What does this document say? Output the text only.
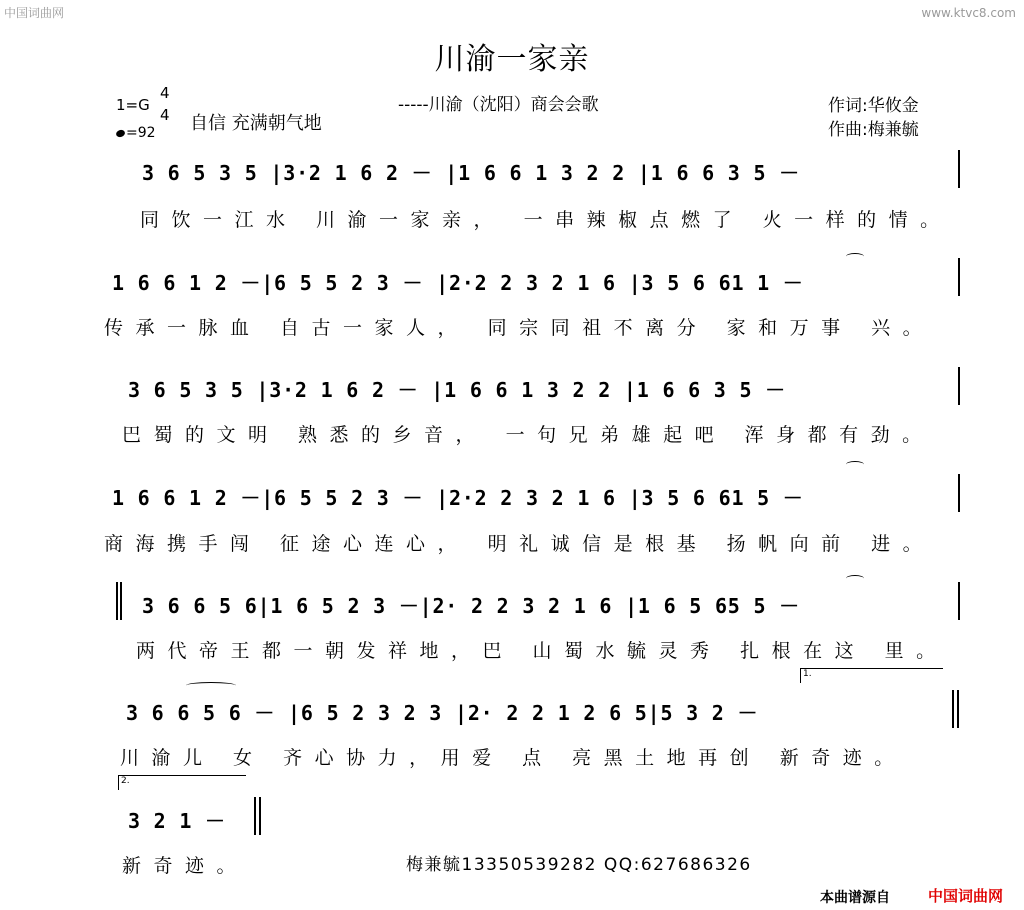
中国词曲网	www.ktvc8.com
川渝一家亲
-----川渝（沈阳）商会会歌	作词:华攸金
作曲:梅兼毓
1=G
4
4 自信 充满朝气地
=92
3 6 5 3 5 |3·2 1 6 2 － |1 6 6 1 3 2 2 |1 6 6 3 5 －
同饮一江水 川渝一家亲， 一串辣椒点燃了 火一样的情。
1 6 6 1 2 －|6 5 5 2 3 － |2·2 2 3 2 1 6 |3 5 6 61 1 －
传承一脉血 自古一家人， 同宗同祖不离分 家和万事 兴。
3 6 5 3 5 |3·2 1 6 2 － |1 6 6 1 3 2 2 |1 6 6 3 5 －
巴蜀的文明 熟悉的乡音， 一句兄弟雄起吧 浑身都有劲。
1 6 6 1 2 －|6 5 5 2 3 － |2·2 2 3 2 1 6 |3 5 6 61 5 －
商海携手闯 征途心连心， 明礼诚信是根基 扬帆向前 进。
3 6 6 5 6|1 6 5 2 3 －|2· 2 2 3 2 1 6 |1 6 5 65 5 －
两代帝王都一朝发祥地，巴 山蜀水毓灵秀 扎根在这 里。
1.
3 6 6 5 6 － |6 5 2 3 2 3 |2· 2 2 1 2 6 5|5 3 2 －
川渝儿 女 齐心协力，用爱 点 亮黑土地再创 新奇迹。
2.
3 2 1 －
新奇迹。	梅兼毓13350539282 QQ:627686326
本曲谱源自	中国词曲网
